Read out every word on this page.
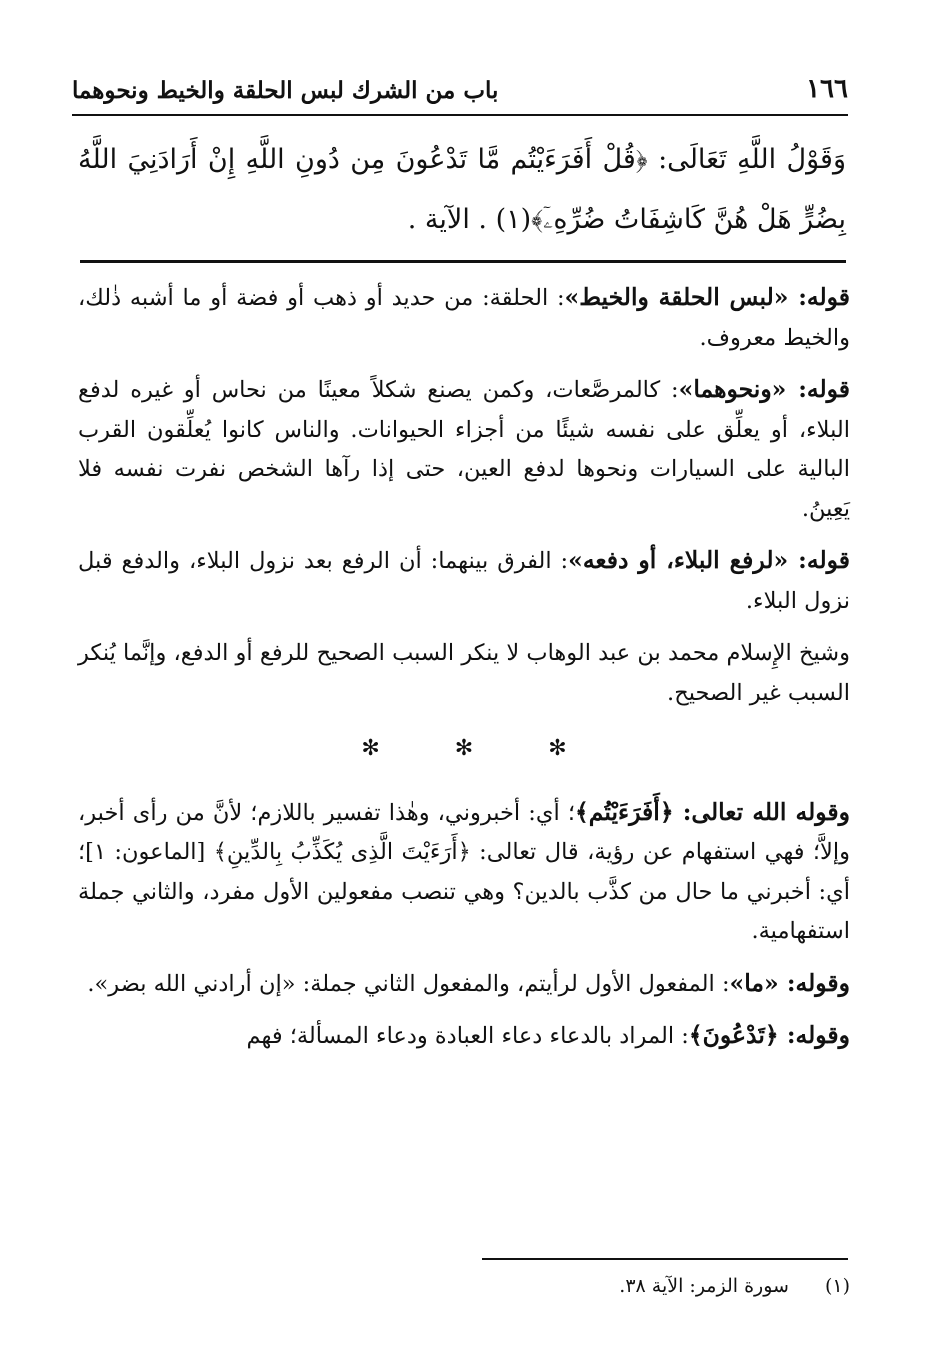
١٦٦
باب من الشرك لبس الحلقة والخيط ونحوهما
وَقَوْلُ اللَّهِ تَعَالَى: ﴿قُلْ أَفَرَءَيْتُم مَّا تَدْعُونَ مِن دُونِ اللَّهِ إِنْ أَرَادَنِيَ اللَّهُ بِضُرٍّ هَلْ هُنَّ كَاشِفَاتُ ضُرِّهِۦٓ﴾(١) . الآية .

قوله: «لبس الحلقة والخيط»: الحلقة: من حديد أو ذهب أو فضة أو ما أشبه ذٰلك، والخيط معروف.

قوله: «ونحوهما»: كالمرصَّعات، وكمن يصنع شكلاً معينًا من نحاس أو غيره لدفع البلاء، أو يعلِّق على نفسه شيئًا من أجزاء الحيوانات. والناس كانوا يُعلِّقون القرب البالية على السيارات ونحوها لدفع العين، حتى إذا رآها الشخص نفرت نفسه فلا يَعِينُ.

قوله: «لرفع البلاء، أو دفعه»: الفرق بينهما: أن الرفع بعد نزول البلاء، والدفع قبل نزول البلاء.

وشيخ الإِسلام محمد بن عبد الوهاب لا ينكر السبب الصحيح للرفع أو الدفع، وإنَّما يُنكر السبب غير الصحيح.

✻ ✻ ✻

وقوله الله تعالى: ﴿أَفَرَءَيْتُم﴾؛ أي: أخبروني، وهٰذا تفسير باللازم؛ لأنَّ من رأى أخبر، وإلاَّ؛ فهي استفهام عن رؤية، قال تعالى: ﴿أَرَءَيْتَ الَّذِى يُكَذِّبُ بِالدِّينِ﴾ [الماعون: ١]؛ أي: أخبرني ما حال من كذَّب بالدين؟ وهي تنصب مفعولين الأول مفرد، والثاني جملة استفهامية.

وقوله: «ما»: المفعول الأول لرأيتم، والمفعول الثاني جملة: «إن أرادني الله بضر».

وقوله: ﴿تَدْعُونَ﴾: المراد بالدعاء دعاء العبادة ودعاء المسألة؛ فهم

(١)
سورة الزمر: الآية ٣٨.
